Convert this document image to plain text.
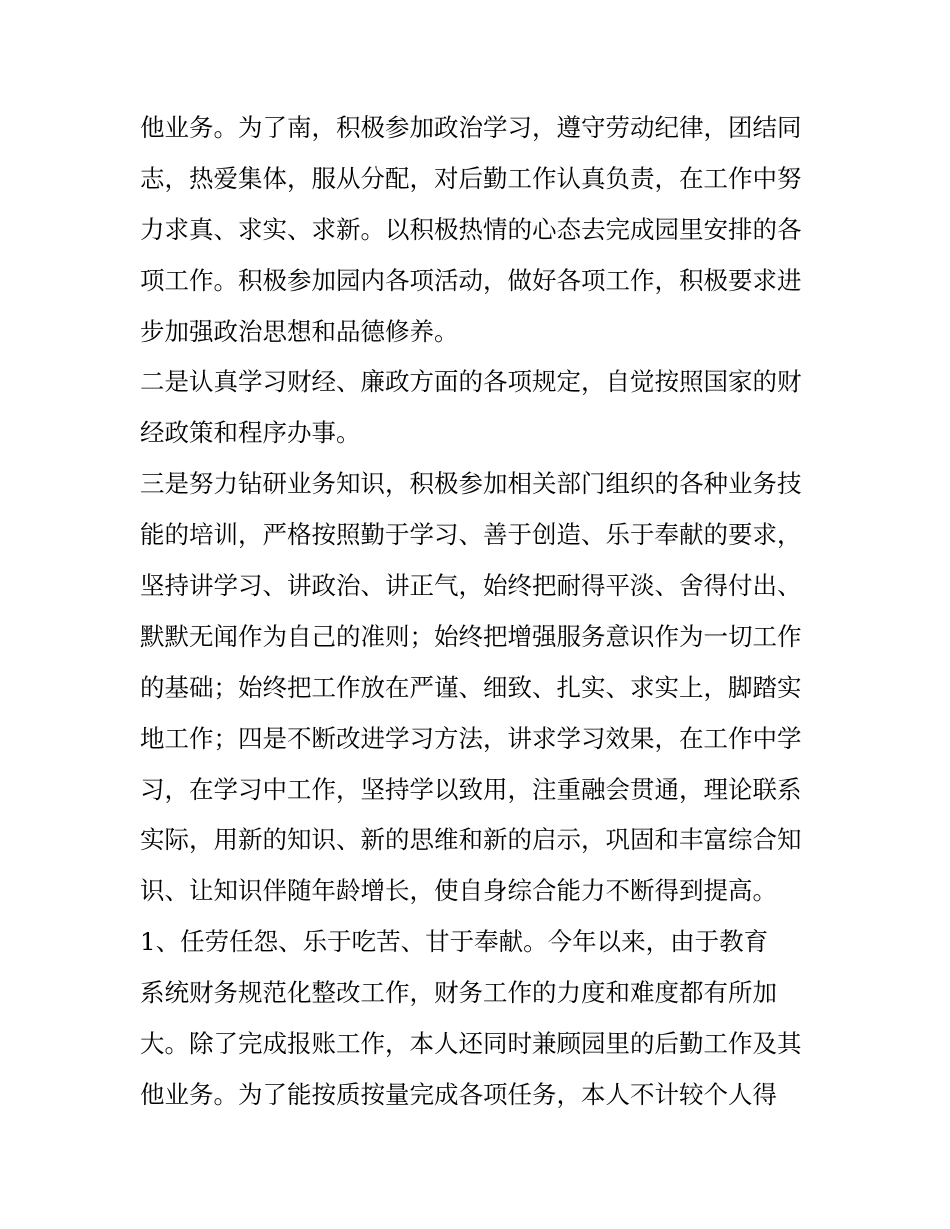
他业务。为了南，积极参加政治学习，遵守劳动纪律，团结同
志，热爱集体，服从分配，对后勤工作认真负责，在工作中努
力求真、求实、求新。以积极热情的心态去完成园里安排的各
项工作。积极参加园内各项活动，做好各项工作，积极要求进
步加强政治思想和品德修养。
二是认真学习财经、廉政方面的各项规定，自觉按照国家的财
经政策和程序办事。
三是努力钻研业务知识，积极参加相关部门组织的各种业务技
能的培训，严格按照勤于学习、善于创造、乐于奉献的要求，
坚持讲学习、讲政治、讲正气，始终把耐得平淡、舍得付出、
默默无闻作为自己的准则；始终把增强服务意识作为一切工作
的基础；始终把工作放在严谨、细致、扎实、求实上，脚踏实
地工作；四是不断改进学习方法，讲求学习效果，在工作中学
习，在学习中工作，坚持学以致用，注重融会贯通，理论联系
实际，用新的知识、新的思维和新的启示，巩固和丰富综合知
识、让知识伴随年龄增长，使自身综合能力不断得到提高。
1、任劳任怨、乐于吃苦、甘于奉献。今年以来，由于教育
系统财务规范化整改工作，财务工作的力度和难度都有所加
大。除了完成报账工作，本人还同时兼顾园里的后勤工作及其
他业务。为了能按质按量完成各项任务，本人不计较个人得
